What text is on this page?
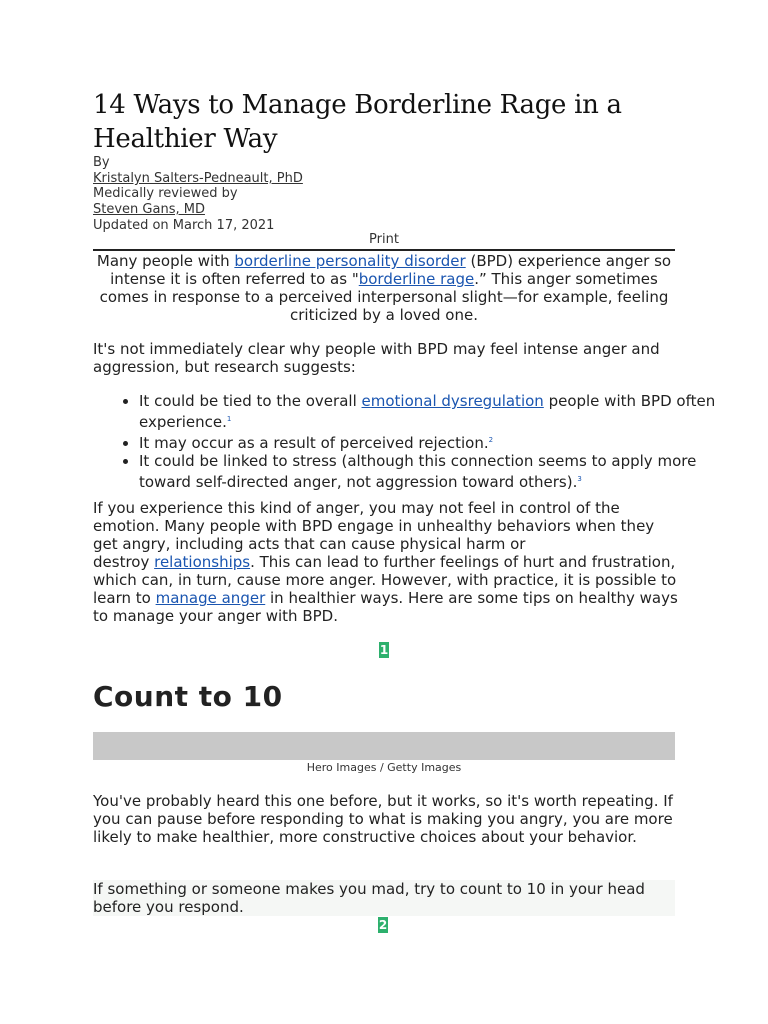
14 Ways to Manage Borderline Rage in a Healthier Way
By
Kristalyn Salters-Pedneault, PhD
Medically reviewed by
Steven Gans, MD
Updated on March 17, 2021
Print
Many people with borderline personality disorder (BPD) experience anger so intense it is often referred to as "borderline rage.” This anger sometimes comes in response to a perceived interpersonal slight—for example, feeling criticized by a loved one.
It's not immediately clear why people with BPD may feel intense anger and aggression, but research suggests:
• It could be tied to the overall emotional dysregulation people with BPD often experience.$^1$
• It may occur as a result of perceived rejection.$^2$
• It could be linked to stress (although this connection seems to apply more toward self-directed anger, not aggression toward others).$^3$
If you experience this kind of anger, you may not feel in control of the emotion. Many people with BPD engage in unhealthy behaviors when they get angry, including acts that can cause physical harm or destroy relationships. This can lead to further feelings of hurt and frustration, which can, in turn, cause more anger. However, with practice, it is possible to learn to manage anger in healthier ways. Here are some tips on healthy ways to manage your anger with BPD.
1
Count to 10
Hero Images / Getty Images
You've probably heard this one before, but it works, so it's worth repeating. If you can pause before responding to what is making you angry, you are more likely to make healthier, more constructive choices about your behavior.
If something or someone makes you mad, try to count to 10 in your head before you respond.
2
